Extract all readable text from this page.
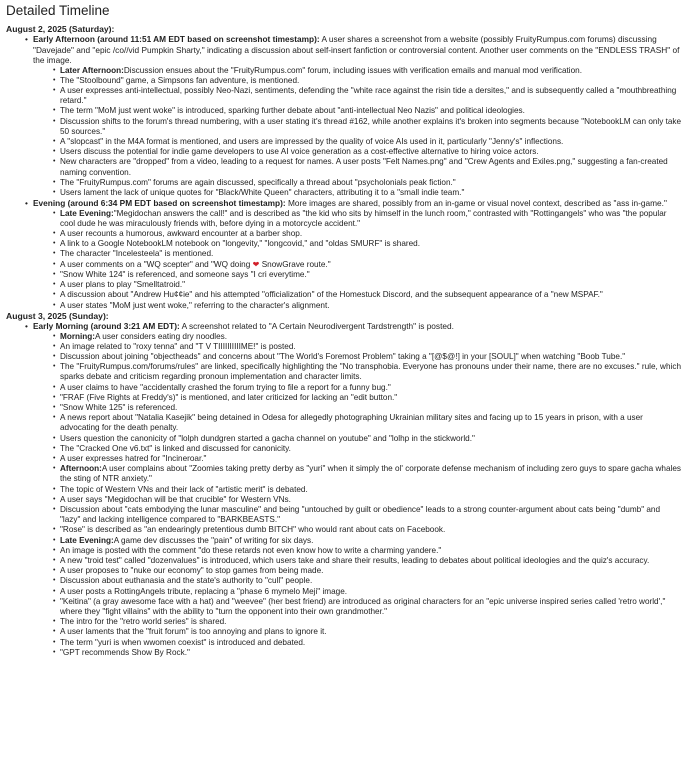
Detailed Timeline
August 2, 2025 (Saturday):
• Early Afternoon (around 11:51 AM EDT based on screenshot timestamp): A user shares a screenshot from a website (possibly FruityRumpus.com forums) discussing "Davejade" and "epic /co//vid Pumpkin Sharty," indicating a discussion about self-insert fanfiction or controversial content. Another user comments on the "ENDLESS TRASH" of the image.
• Later Afternoon:Discussion ensues about the "FruityRumpus.com" forum, including issues with verification emails and manual mod verification.
• The "Stoolbound" game, a Simpsons fan adventure, is mentioned.
• A user expresses anti-intellectual, possibly Neo-Nazi, sentiments, defending the "white race against the risin tide a dersites," and is subsequently called a "mouthbreathing retard."
• The term "MoM just went woke" is introduced, sparking further debate about "anti-intellectual Neo Nazis" and political ideologies.
• Discussion shifts to the forum's thread numbering, with a user stating it's thread #162, while another explains it's broken into segments because "NotebookLM can only take 50 sources."
• A "slopcast" in the M4A format is mentioned, and users are impressed by the quality of voice AIs used in it, particularly "Jenny's" inflections.
• Users discuss the potential for indie game developers to use AI voice generation as a cost-effective alternative to hiring voice actors.
• New characters are "dropped" from a video, leading to a request for names. A user posts "Felt Names.png" and "Crew Agents and Exiles.png," suggesting a fan-created naming convention.
• The "FruityRumpus.com" forums are again discussed, specifically a thread about "psycholonials peak fiction."
• Users lament the lack of unique quotes for "Black/White Queen" characters, attributing it to a "small indie team."
• Evening (around 6:34 PM EDT based on screenshot timestamp): More images are shared, possibly from an in-game or visual novel context, described as "ass in-game."
• Late Evening:"Megidochan answers the call!" and is described as "the kid who sits by himself in the lunch room," contrasted with "Rottingangels" who was "the popular cool dude he was miraculously friends with, before dying in a motorcycle accident."
• A user recounts a humorous, awkward encounter at a barber shop.
• A link to a Google NotebookLM notebook on "longevity," "longcovid," and "oldas SMURF" is shared.
• The character "Incelesteela" is mentioned.
• A user comments on a "WQ scepter" and "WQ doing ❤ SnowGrave route."
• "Snow White 124" is referenced, and someone says "I cri everytime."
• A user plans to play "Smelltatroid."
• A discussion about "Andrew Hu¢¢ie" and his attempted "officialization" of the Homestuck Discord, and the subsequent appearance of a "new MSPAF."
• A user states "MoM just went woke," referring to the character's alignment.
August 3, 2025 (Sunday):
• Early Morning (around 3:21 AM EDT): A screenshot related to "A Certain Neurodivergent Tardstrength" is posted.
• Morning:A user considers eating dry noodles.
• An image related to "roxy tenna" and "T V TIIIIIIIIIIME!" is posted.
• Discussion about joining "objectheads" and concerns about "The World's Foremost Problem" taking a "[@$@!] in your [SOUL]" when watching "Boob Tube."
• The "FruityRumpus.com/forums/rules" are linked, specifically highlighting the "No transphobia. Everyone has pronouns under their name, there are no excuses." rule, which sparks debate and criticism regarding pronoun implementation and character limits.
• A user claims to have "accidentally crashed the forum trying to file a report for a funny bug."
• "FRAF (Five Rights at Freddy's)" is mentioned, and later criticized for lacking an "edit button."
• "Snow White 125" is referenced.
• A news report about "Natalia Kasejik" being detained in Odesa for allegedly photographing Ukrainian military sites and facing up to 15 years in prison, with a user advocating for the death penalty.
• Users question the canonicity of "lolph dundgren started a gacha channel on youtube" and "lolhp in the stickworld."
• The "Cracked One v6.txt" is linked and discussed for canonicity.
• A user expresses hatred for "Incineroar."
• Afternoon:A user complains about "Zoomies taking pretty derby as "yuri" when it simply the ol' corporate defense mechanism of including zero guys to spare gacha whales the sting of NTR anxiety."
• The topic of Western VNs and their lack of "artistic merit" is debated.
• A user says "Megidochan will be that crucible" for Western VNs.
• Discussion about "cats embodying the lunar masculine" and being "untouched by guilt or obedience" leads to a strong counter-argument about cats being "dumb" and "lazy" and lacking intelligence compared to "BARKBEASTS."
• "Rose" is described as "an endearingly pretentious dumb BITCH" who would rant about cats on Facebook.
• Late Evening:A game dev discusses the "pain" of writing for six days.
• An image is posted with the comment "do these retards not even know how to write a charming yandere."
• A new "troid test" called "dozenvalues" is introduced, which users take and share their results, leading to debates about political ideologies and the quiz's accuracy.
• A user proposes to "nuke our economy" to stop games from being made.
• Discussion about euthanasia and the state's authority to "cull" people.
• A user posts a RottingAngels tribute, replacing a "phase 6 mymelo Meji" image.
• "Keitina" (a gray awesome face with a hat) and "weevee" (her best friend) are introduced as original characters for an "epic universe inspired series called 'retro world'," where they "fight villains" with the ability to "turn the opponent into their own grandmother."
• The intro for the "retro world series" is shared.
• A user laments that the "fruit forum" is too annoying and plans to ignore it.
• The term "yuri is when wwomen coexist" is introduced and debated.
• "GPT recommends Show By Rock."
